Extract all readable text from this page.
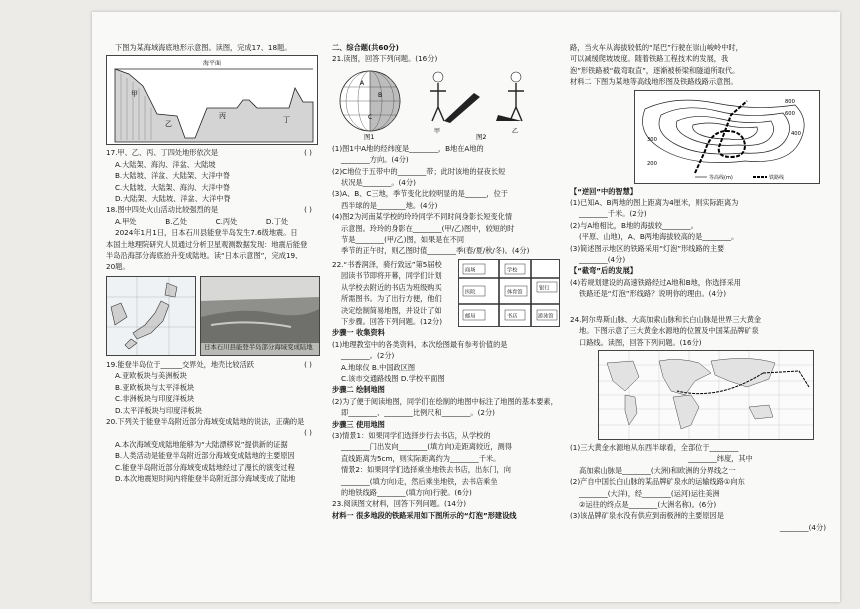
下图为某海域海底地形示意图。读图，完成17、18题。
海平面
甲
乙
丙	丁
17.甲、乙、丙、丁四处地形依次是	( )
A.大陆架、海沟、洋盆、大陆坡
B.大陆坡、洋盆、大陆架、大洋中脊
C.大陆坡、大陆架、海沟、大洋中脊
D.大陆架、大陆坡、洋盆、大洋中脊
18.图中四处火山活动比较强烈的是	( )
A.甲处	B.乙处	C.丙处	D.丁处
2024年1月1日，日本石川县能登半岛发生7.6级地震。日
本国土地理院研究人员通过分析卫星观测数据发现：地震后能登
半岛沿海部分海底抬升变成陆地。读“日本示意图”，完成19、
20题。
日本石川县能登半岛部分海域变成陆地
19.能登半岛位于______交界处，地壳比较活跃	( )
A.亚欧板块与美洲板块
B.亚欧板块与太平洋板块
C.非洲板块与印度洋板块
D.太平洋板块与印度洋板块
20.下列关于能登半岛附近部分海域变成陆地的说法，正确的是
( )
A.本次海域变成陆地能够为“大陆漂移说”提供新的证据
B.人类活动是能登半岛附近部分海域变成陆地的主要原因
C.能登半岛附近部分海域变成陆地经过了漫长的演变过程
D.本次地震短时间内将能登半岛附近部分海域变成了陆地
二、综合题(共60分)
21.读图，回答下列问题。(16分)
A
B
C
图1
甲	乙
图2
(1)图1中A地的经纬度是________，B地在A地的
________方向。(4分)
(2)C地位于五带中的________带；此时该地的昼夜长短
状况是________。(4分)
(3)A、B、C三地，季节变化比较明显的是______，位于
西半球的是________地。(4分)
(4)图2为河南某学校的玲玲同学不同时间身影长短变化情
示意图。玲玲的身影在________(甲/乙)图中，较短的时
节是________(甲/乙)图，如果是在不同
季节的正午时，则乙图时值________季(春/夏/秋/冬)。(4分)
22.“书香润泽，骑行致远”第5届校
园读书节即将开幕，同学们计划
从学校去附近的书店为班级购买
所需图书。为了出行方便，他们
决定绘制简易地图，并设计了如
下步骤。回答下列问题。(12分)
商场	学校
医院	体育馆
银行
邮局	书店	游泳馆
步骤一 收集资料
(1)地理教室中的各类资料，本次绘图最有参考价值的是
________。(2分)
A.地球仪 B.中国政区图
C.该市交通路线图 D.学校平面图
步骤二 绘制地图
(2)为了便于阅读地图，同学们在绘制的地图中标注了地图的基本要素，
即________、________比例尺和________。(2分)
步骤三 使用地图
(3)情景1：如果同学们选择步行去书店，从学校的
________门出发向________(填方向)走距离较近，测得
直线距离为5cm，则实际距离约为________千米。
情景2：如果同学们选择乘坐地铁去书店，出东门，向
________(填方向)走，然后乘坐地铁，去书店乘坐
的地铁线路________(填方向)行驶。(6分)
23.阅读图文材料，回答下列问题。(14分)
材料一 很多地段的铁路采用如下图所示的“灯泡”形建设线
路，当火车从海拔较低的“尾巴”行驶在崇山峻岭中时，
可以减缓爬坡坡度。随着铁路工程技术的发展，我
泡”形铁路被“截弯取直”，逐渐被桥梁和隧道所取代。
材料二 下图为某地等高线地形图及铁路线路示意图。
800
600
400
300
200
等高线(m)	铁路线
【“逆回”中的智慧】
(1)已知A、B两地的图上距离为4厘米，则实际距离为
________千米。(2分)
(2)与A地相比，B地的海拔较________。
(平原、山地)，A、B两地海拔较高的是________。
(3)简述图示地区的铁路采用“灯泡”形线路的主要
________(4分)
【“截弯”后的发展】
(4)若规划建设的高速铁路经过A地和B地，你选择采用
铁路还是“灯泡”形线路？说明你的理由。(4分)
24.阿尔卑斯山脉、大高加索山脉和长白山脉是世界三大黄金
地。下图示意了三大黄金水源地的位置及中国某品牌矿泉
口路线。读图，回答下列问题。(16分)
(1)三大黄金水源地从东西半球看，全部位于________
________纬度，其中
高加索山脉是________(大洲)和欧洲的分界线之一
(2)产自中国长白山脉的某品牌矿泉水的运输线路①向东
________(大洋)，经________(运河)运往美洲
②运往的终点是________(大洲名称)。(6分)
(3)该品牌矿泉水没有供应到南极洲的主要原因是
________(4分)
